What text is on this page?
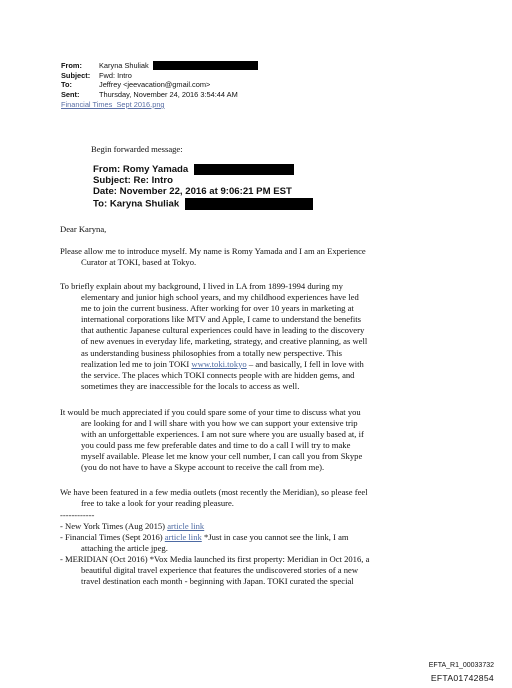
From:	Karyna Shuliak
Subject:	Fwd: Intro
To:	Jeffrey <jeevacation@gmail.com>
Sent:	Thursday, November 24, 2016 3:54:44 AM
Financial Times_Sept 2016.png
Begin forwarded message:
From: Romy Yamada
Subject: Re: Intro
Date: November 22, 2016 at 9:06:21 PM EST
To: Karyna Shuliak
Dear Karyna,
Please allow me to introduce myself. My name is Romy Yamada and I am an Experience
Curator at TOKI, based at Tokyo.
To briefly explain about my background, I lived in LA from 1899-1994 during my
elementary and junior high school years, and my childhood experiences have led
me to join the current business. After working for over 10 years in marketing at
international corporations like MTV and Apple, I came to understand the benefits
that authentic Japanese cultural experiences could have in leading to the discovery
of new avenues in everyday life, marketing, strategy, and creative planning, as well
as understanding business philosophies from a totally new perspective. This
realization led me to join TOKI www.toki.tokyo – and basically, I fell in love with
the service. The places which TOKI connects people with are hidden gems, and
sometimes they are inaccessible for the locals to access as well.
It would be much appreciated if you could spare some of your time to discuss what you
are looking for and I will share with you how we can support your extensive trip
with an unforgettable experiences. I am not sure where you are usually based at, if
you could pass me few preferable dates and time to do a call I will try to make
myself available. Please let me know your cell number, I can call you from Skype
(you do not have to have a Skype account to receive the call from me).
We have been featured in a few media outlets (most recently the Meridian), so please feel
free to take a look for your reading pleasure.
------------
- New York Times (Aug 2015) article link
- Financial Times (Sept 2016) article link *Just in case you cannot see the link, I am
attaching the article jpeg.
- MERIDIAN (Oct 2016) *Vox Media launched its first property: Meridian in Oct 2016, a
beautiful digital travel experience that features the undiscovered stories of a new
travel destination each month - beginning with Japan. TOKI curated the special
EFTA_R1_00033732
EFTA01742854
